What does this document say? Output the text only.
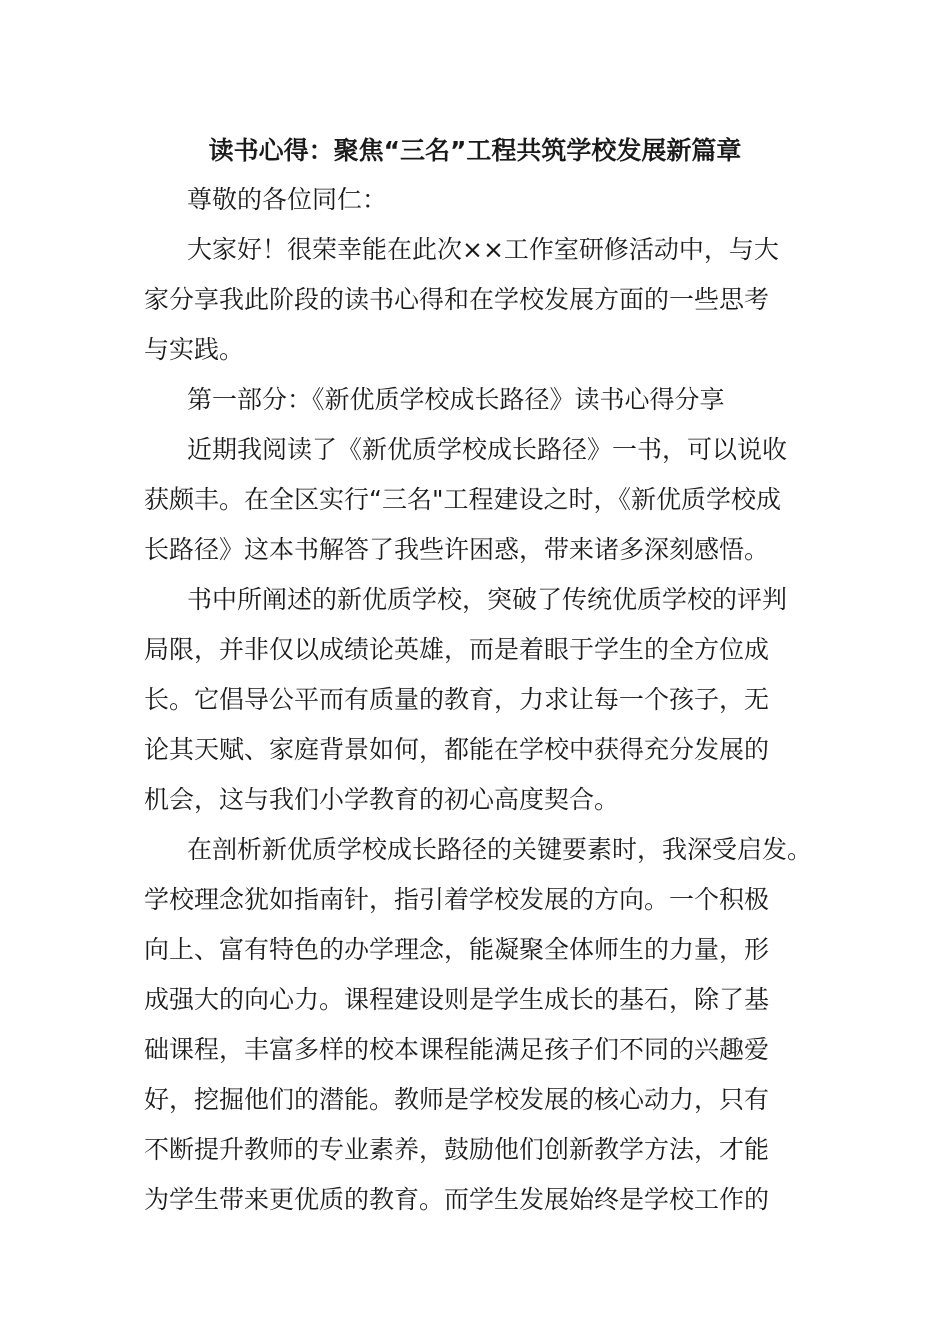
读书心得：聚焦“三名”工程共筑学校发展新篇章
尊敬的各位同仁：
大家好！很荣幸能在此次××工作室研修活动中，与大
家分享我此阶段的读书心得和在学校发展方面的一些思考
与实践。
第一部分：《新优质学校成长路径》读书心得分享
近期我阅读了《新优质学校成长路径》一书，可以说收
获颇丰。在全区实行“三名"工程建设之时，《新优质学校成
长路径》这本书解答了我些许困惑，带来诸多深刻感悟。
书中所阐述的新优质学校，突破了传统优质学校的评判
局限，并非仅以成绩论英雄，而是着眼于学生的全方位成
长。它倡导公平而有质量的教育，力求让每一个孩子，无
论其天赋、家庭背景如何，都能在学校中获得充分发展的
机会，这与我们小学教育的初心高度契合。
在剖析新优质学校成长路径的关键要素时，我深受启发。
学校理念犹如指南针，指引着学校发展的方向。一个积极
向上、富有特色的办学理念，能凝聚全体师生的力量，形
成强大的向心力。课程建设则是学生成长的基石，除了基
础课程，丰富多样的校本课程能满足孩子们不同的兴趣爱
好，挖掘他们的潜能。教师是学校发展的核心动力，只有
不断提升教师的专业素养，鼓励他们创新教学方法，才能
为学生带来更优质的教育。而学生发展始终是学校工作的
